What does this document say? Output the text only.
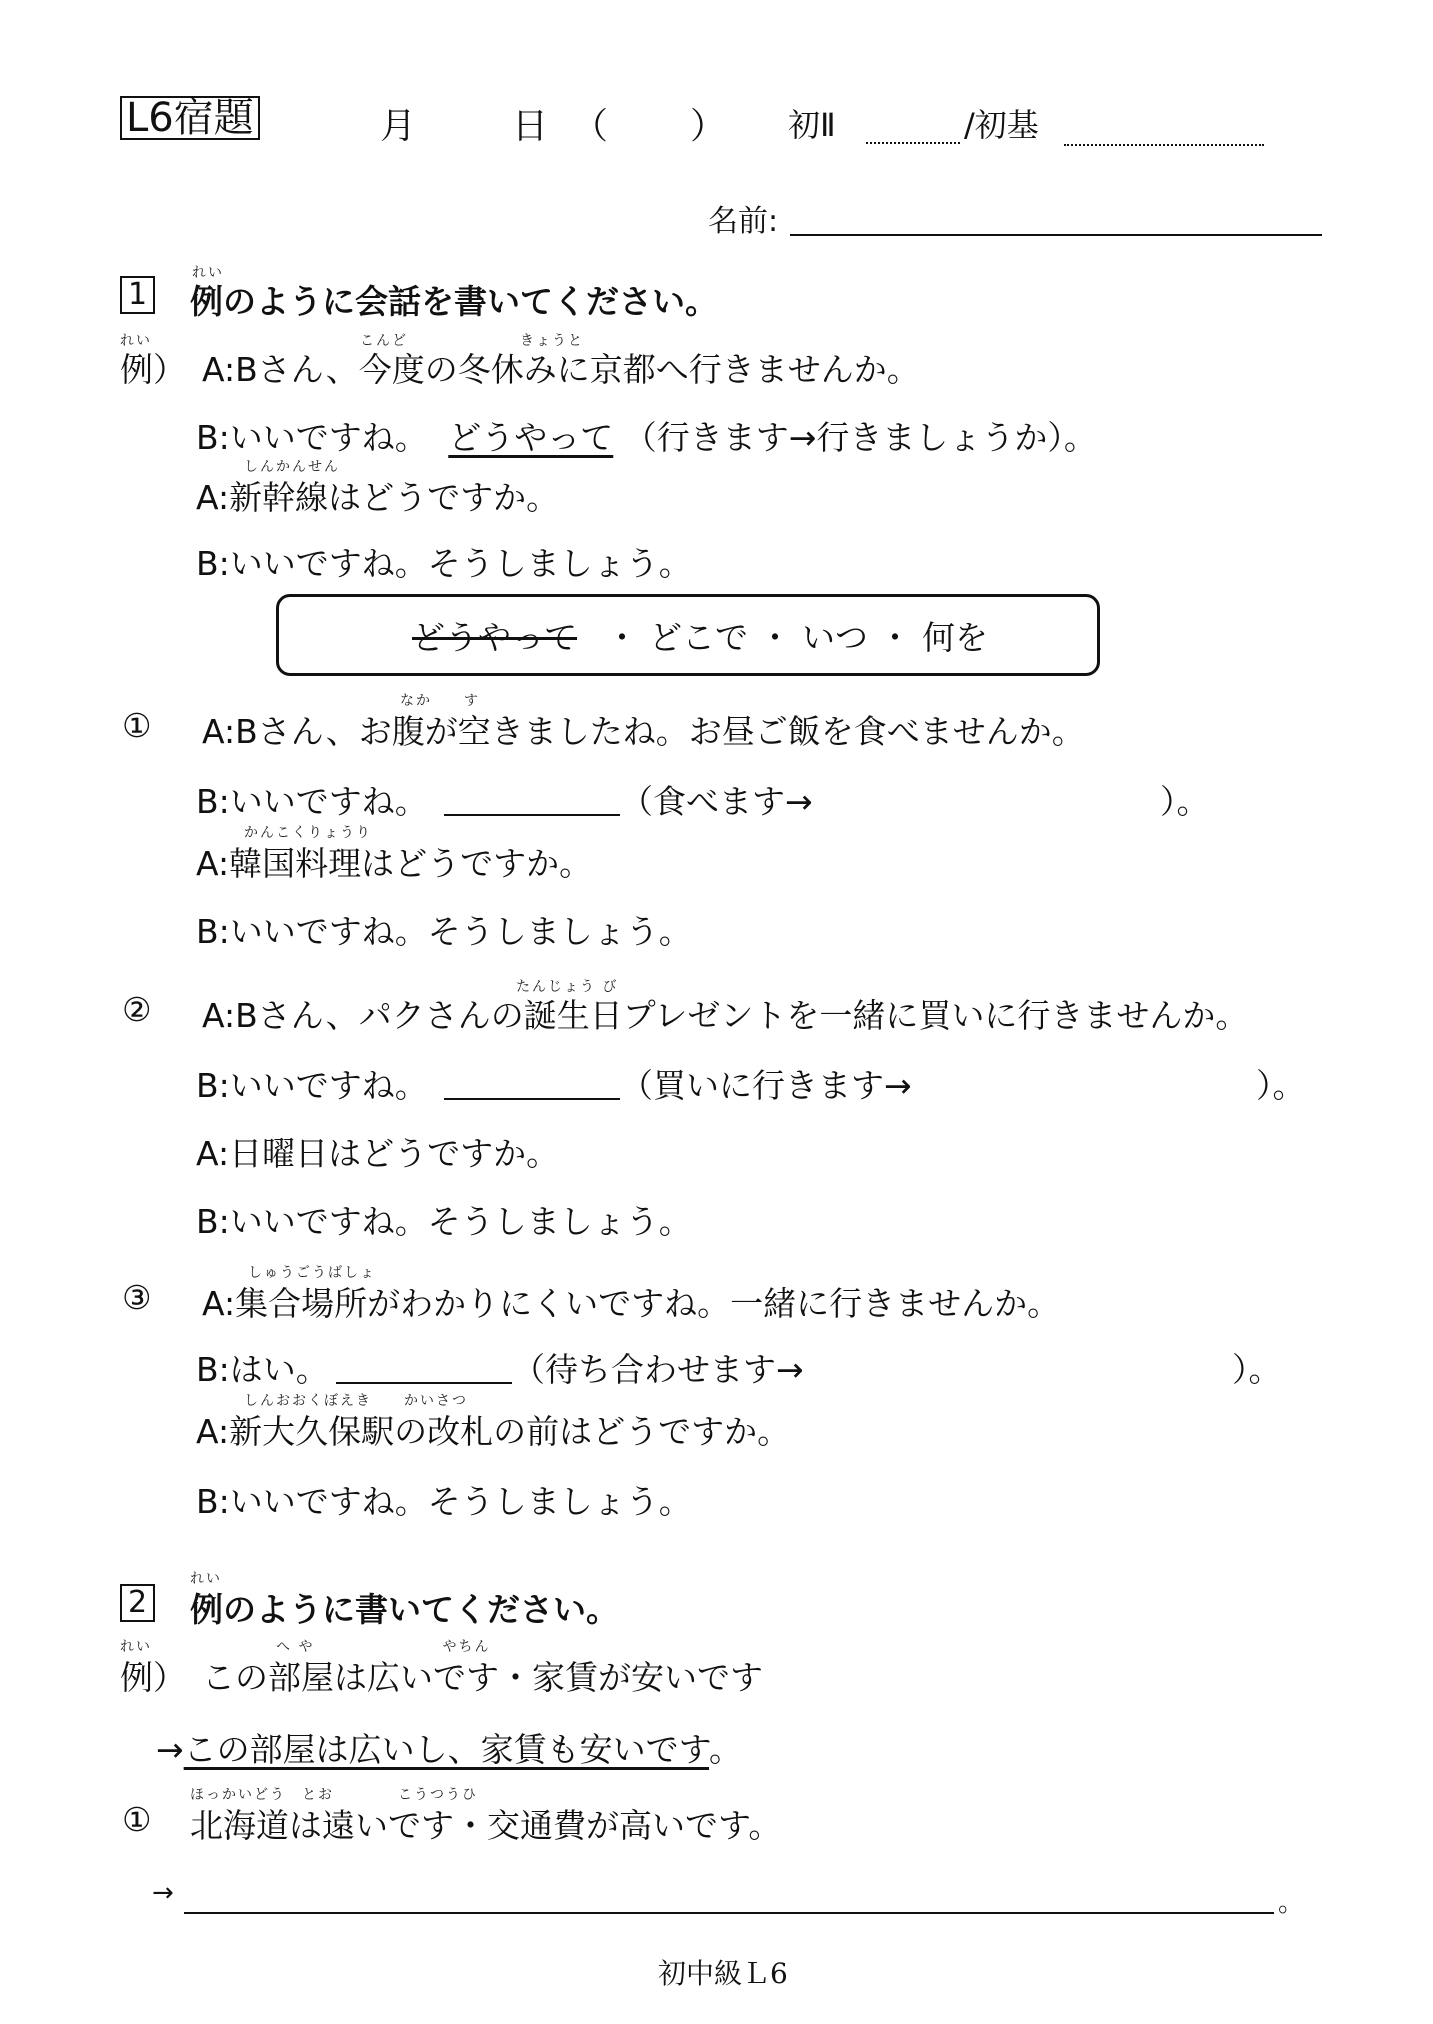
L6宿題	月	日 （ ） 初Ⅱ	/初基
名前:
れい
1 例のように会話を書いてください。
れい	こんど　　　　　　　きょうと
例） A:Bさん、今度の冬休みに京都へ行きませんか。
B:いいですね。 どうやって （行きます→行きましょうか）。
しんかんせん
A:新幹線はどうですか。
B:いいですね。そうしましょう。
どうやって ・ どこで ・ いつ ・ 何を
なか　　す
① A:Bさん、お腹が空きましたね。お昼ご飯を食べませんか。
B:いいですね。	（食べます→	）。
かんこくりょうり
A:韓国料理はどうですか。
B:いいですね。そうしましょう。
たんじょう び
② A:Bさん、パクさんの誕生日プレゼントを一緒に買いに行きませんか。
B:いいですね。	（買いに行きます→	）。
A:日曜日はどうですか。
B:いいですね。そうしましょう。
しゅうごうばしょ
③ A:集合場所がわかりにくいですね。一緒に行きませんか。
B:はい。	（待ち合わせます→	）。
しんおおくぼえき　　かいさつ
A:新大久保駅の改札の前はどうですか。
B:いいですね。そうしましょう。
れい
2 例のように書いてください。
れい	へ や　　　　　　　　やちん
例） この部屋は広いです・家賃が安いです
→この部屋は広いし、家賃も安いです。
ほっかいどう　とお　　　　こうつうひ
① 北海道は遠いです・交通費が高いです。
→	。
初中級Ｌ6
